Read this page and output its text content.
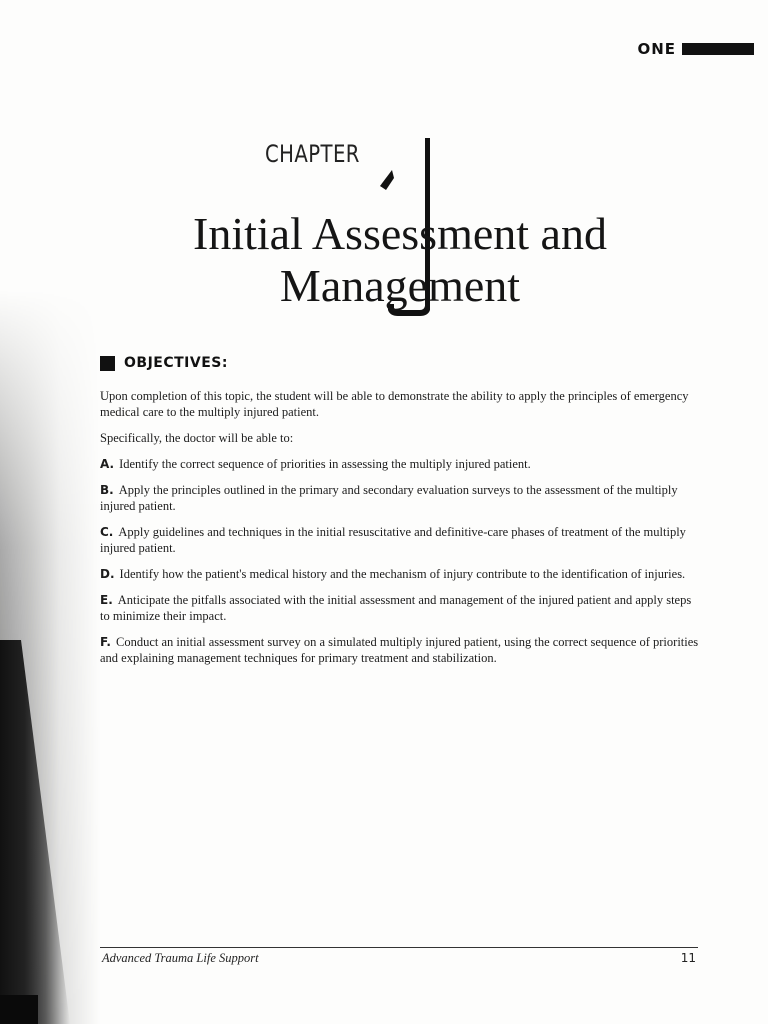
ONE
CHAPTER
Initial Assessment and
Management
OBJECTIVES:

Upon completion of this topic, the student will be able to demonstrate the ability to apply the principles of emergency medical care to the multiply injured patient.

Specifically, the doctor will be able to:

A. Identify the correct sequence of priorities in assessing the multiply injured patient.
B. Apply the principles outlined in the primary and secondary evaluation surveys to the assessment of the multiply injured patient.
C. Apply guidelines and techniques in the initial resuscitative and definitive-care phases of treatment of the multiply injured patient.
D. Identify how the patient's medical history and the mechanism of injury contribute to the identification of injuries.
E. Anticipate the pitfalls associated with the initial assessment and management of the injured patient and apply steps to minimize their impact.
F. Conduct an initial assessment survey on a simulated multiply injured patient, using the correct sequence of priorities and explaining management techniques for primary treatment and stabilization.
Advanced Trauma Life Support	11
